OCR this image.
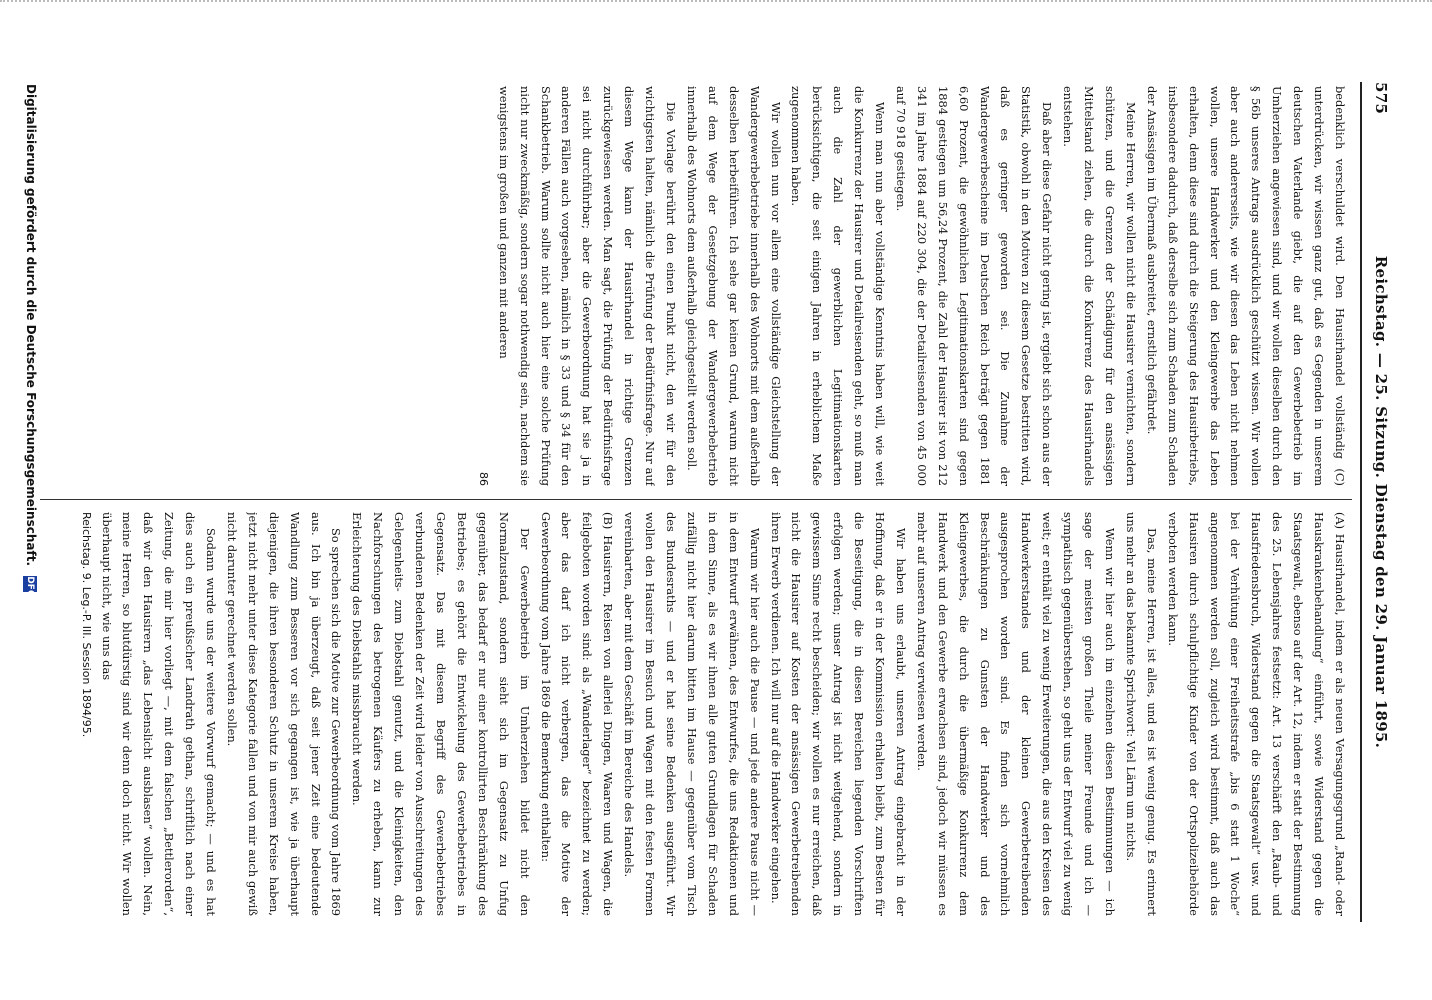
575
Reichstag. — 25. Sitzung. Dienstag den 29. Januar 1895.

bedenklich verschuldet wird. Den Hausirhandel vollständig (C) unterdrücken, wir wissen ganz gut, daß es Gegenden in unserem deutschen Vaterlande giebt, die auf den Gewerbebetrieb im Umherziehen angewiesen sind, und wir wollen dieselben durch den § 56b unseres Antrags ausdrücklich geschützt wissen. Wir wollen aber auch andererseits, wie wir diesen das Leben nicht nehmen wollen, unsere Handwerker und den Kleingewerbe das Leben erhalten, denn diese sind durch die Steigerung des Hausirbetriebs, insbesondere dadurch, daß derselbe sich zum Schaden zum Schaden der Ansässigen im Übermaß ausbreitet, ernstlich gefährdet.

Meine Herren, wir wollen nicht die Hausirer vernichten, sondern schützen, und die Grenzen der Schädigung für den ansässigen Mittelstand ziehen, die durch die Konkurrenz des Hausirhandels entstehen.

Daß aber diese Gefahr nicht gering ist, ergiebt sich schon aus der Statistik, obwohl in den Motiven zu diesem Gesetze bestritten wird, daß es geringer geworden sei. Die Zunahme der Wandergewerbescheine im Deutschen Reich beträgt gegen 1881 6,60 Prozent, die gewöhnlichen Legitimationskarten sind gegen 1884 gestiegen um 56,24 Prozent, die Zahl der Hausirer ist von 212 341 im Jahre 1884 auf 220 304, die der Detailreisenden von 45 000 auf 70 918 gestiegen.

Wenn man nun aber vollständige Kenntnis haben will, wie weit die Konkurrenz der Hausirer und Detailreisenden geht, so muß man auch die Zahl der gewerblichen Legitimationskarten berücksichtigen, die seit einigen Jahren in erheblichem Maße zugenommen haben.

Wir wollen nun vor allem eine vollständige Gleichstellung der Wandergewerbebetriebe innerhalb des Wohnorts mit dem außerhalb desselben herbeiführen. Ich sehe gar keinen Grund, warum nicht auf dem Wege der Gesetzgebung der Wandergewerbebetrieb innerhalb des Wohnorts dem außerhalb gleichgestellt werden soll.

Die Vorlage berührt den einen Punkt nicht, den wir für den wichtigsten halten, nämlich die Prüfung der Bedürfnisfrage. Nur auf diesem Wege kann der Hausirhandel in richtige Grenzen zurückgewiesen werden. Man sagt, die Prüfung der Bedürfnisfrage sei nicht durchführbar; aber die Gewerbeordnung hat sie ja in anderen Fällen auch vorgesehen, nämlich in § 33 und § 34 für den Schankbetrieb. Warum sollte nicht auch hier eine solche Prüfung nicht nur zweckmäßig, sondern sogar nothwendig sein, nachdem sie wenigstens im großen und ganzen mit anderen

86

(A) Hausirhandel, indem er als neuen Versagungsgrund „Rand- oder Hauskrankenbehandlung“ einführt, sowie Widerstand gegen die Staatsgewalt, ebenso auf der Art. 12, indem er statt der Bestimmung des 25. Lebensjahres festsetzt: Art. 13 verschärft den „Raub- und Hausfriedensbruch, Widerstand gegen die Staatsgewalt“ usw. und bei der Verhütung einer Freiheitsstrafe „bis 6 statt 1 Woche“ angenommen werden soll, zugleich wird bestimmt, daß auch das Hausiren durch schulpflichtige Kinder von der Ortspolizeibehörde verboten werden kann.

Das, meine Herren, ist alles, und es ist wenig genug. Es erinnert uns mehr an das bekannte Sprichwort: Viel Lärm um nichts.

Wenn wir hier auch im einzelnen diesen Bestimmungen — ich sage der meisten großen Theile meiner Freunde und ich — sympathisch gegenüberstehen, so geht uns der Entwurf viel zu wenig weit; er enthält viel zu wenig Erweiterungen, die aus den Kreisen des Handwerkerstandes und der kleinen Gewerbetreibenden ausgesprochen worden sind. Es finden sich vornehmlich Beschränkungen zu Gunsten der Handwerker und des Kleingewerbes, die durch die übermäßige Konkurrenz dem Handwerk und den Gewerbe erwachsen sind, jedoch wir müssen es mehr auf unseren Antrag verwiesen werden.

Wir haben uns erlaubt, unseren Antrag eingebracht in der Hoffnung, daß er in der Kommission erhalten bleibt, zum Besten für die Beseitigung, die in diesen Bereichen liegenden Vorschriften erfolgen werden; unser Antrag ist nicht weitgehend, sondern in gewissem Sinne recht bescheiden; wir wollen es nur erreichen, daß nicht die Hausirer auf Kosten der ansässigen Gewerbetreibenden ihren Erwerb verdienen. Ich will nur auf die Handwerker eingehen.

Warum wir hier auch die Pause — und jede andere Pause nicht — in dem Entwurf erwähnen, des Entwurfes, die uns Redaktionen und in dem Sinne, als es wir ihnen alle guten Grundlagen für Schaden zufällig nicht hier darum bitten im Hause — gegenüber vom Tisch des Bundesraths — und er hat seine Bedenken ausgeführt. Wir wollen den Hausirer im Besuch und Wagen mit den festen Formen vereinbarten, aber mit dem Geschäft im Bereiche des Handels.

(B) Hausirern, Reisen von allerlei Dingen, Waaren und Wagen, die feilgeboten worden sind: als „Wanderlager“ bezeichnet zu werden; aber das darf ich nicht verbergen, das die Motive der Gewerbeordnung vom Jahre 1869 die Bemerkung enthalten:

Der Gewerbebetrieb im Umherziehen bildet nicht den Normalzustand, sondern sieht sich im Gegensatz zu Unfug gegenüber, das bedarf er nur einer kontrollirten Beschränkung des Betriebes; es gehört die Entwickelung des Gewerbebetriebes in Gegensatz. Das mit diesem Begriff des Gewerbebetriebes verbundenen Bedenken der Zeit wird leider von Ausschreitungen des Gelegenheits- zum Diebstahl genutzt, und die Kleinigkeiten, den Nachforschungen des betrogenen Käufers zu erheben, kann zur Erleichterung des Diebstahls missbraucht werden.

So sprechen sich die Motive zur Gewerbeordnung vom Jahre 1869 aus. Ich bin ja überzeugt, daß seit jener Zeit eine bedeutende Wandlung zum Besseren vor sich gegangen ist, wie ja überhaupt diejenigen, die ihren besonderen Schutz in unserem Kreise haben, jetzt nicht mehr unter diese Kategorie fallen und von mir auch gewiß nicht darunter gerechnet werden sollen.

Sodann wurde uns der weitere Vorwurf gemacht; — und es hat dies auch ein preußischer Landrath gethan, schriftlich nach einer Zeitung, die mir hier vorliegt —, mit dem falschen „Bettlerorden“, daß wir den Hausirern „das Lebenslicht ausblasen“ wollen. Nein, meine Herren, so blutdürstig sind wir denn doch nicht. Wir wollen überhaupt nicht, wie uns das

Reichstag. 9. Leg.-P. III. Session 1894/95.

Digitalisierung gefördert durch die Deutsche Forschungsgemeinschaft. DFG
